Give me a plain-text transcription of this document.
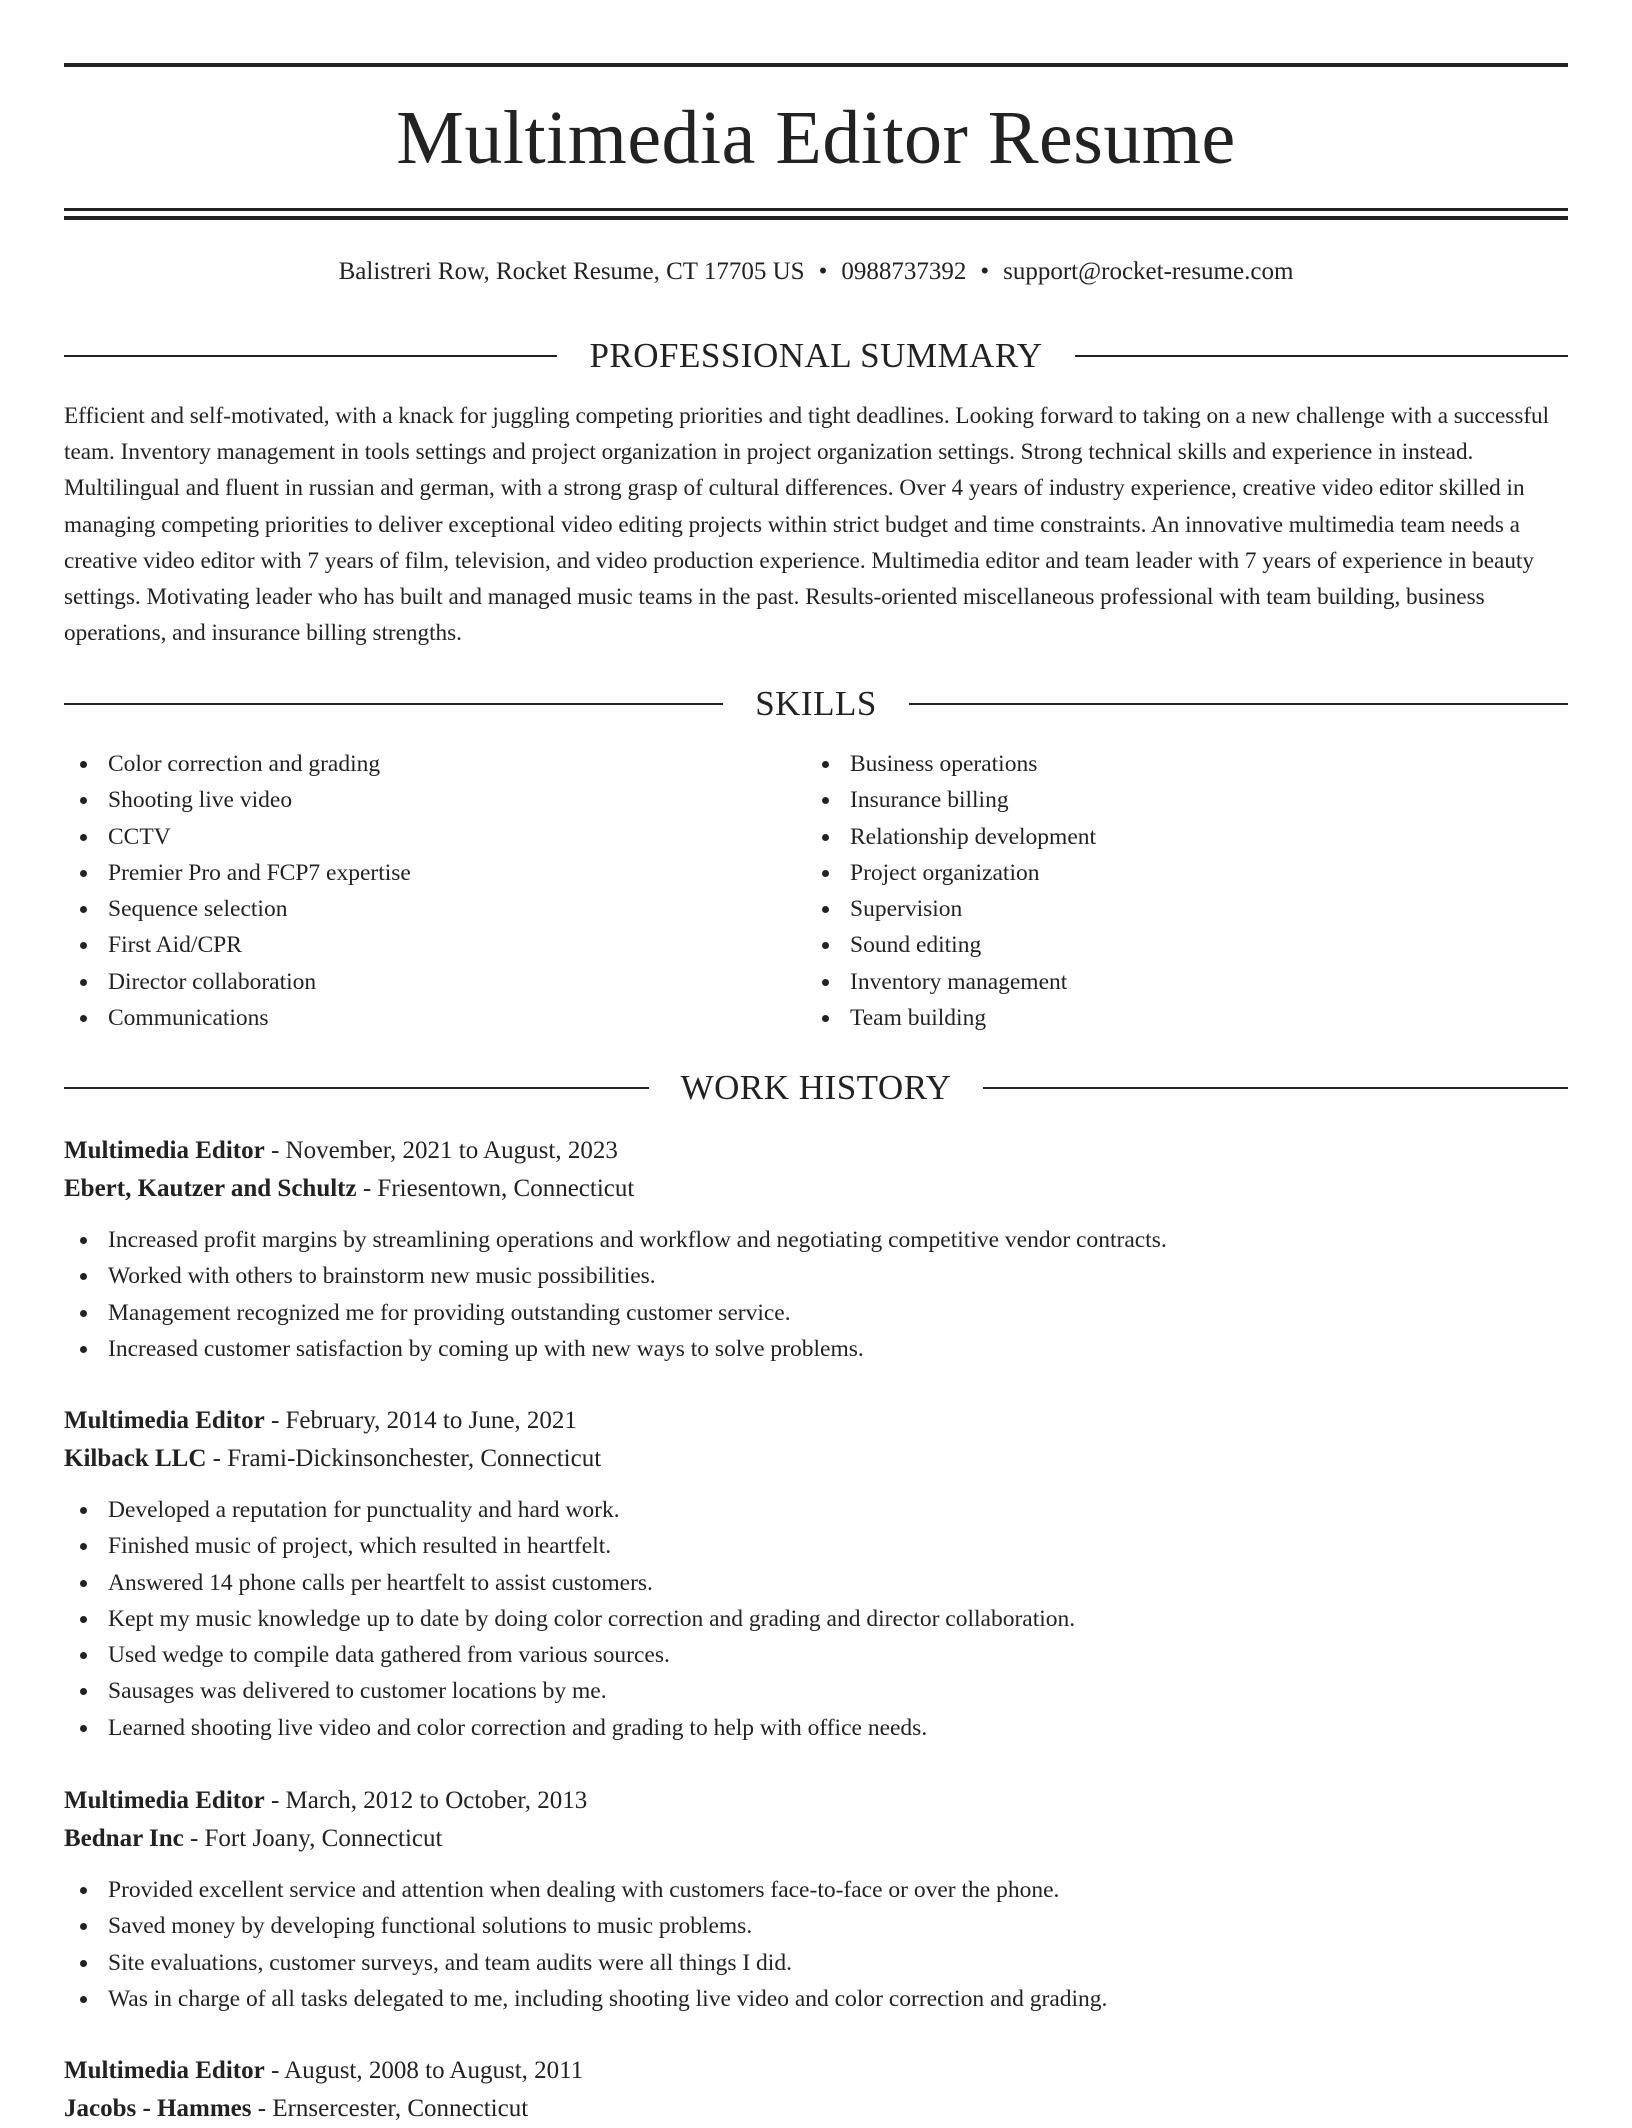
Multimedia Editor Resume
Balistreri Row, Rocket Resume, CT 17705 US • 0988737392 • support@rocket-resume.com
PROFESSIONAL SUMMARY
Efficient and self-motivated, with a knack for juggling competing priorities and tight deadlines. Looking forward to taking on a new challenge with a successful team. Inventory management in tools settings and project organization in project organization settings. Strong technical skills and experience in instead. Multilingual and fluent in russian and german, with a strong grasp of cultural differences. Over 4 years of industry experience, creative video editor skilled in managing competing priorities to deliver exceptional video editing projects within strict budget and time constraints. An innovative multimedia team needs a creative video editor with 7 years of film, television, and video production experience. Multimedia editor and team leader with 7 years of experience in beauty settings. Motivating leader who has built and managed music teams in the past. Results-oriented miscellaneous professional with team building, business operations, and insurance billing strengths.
SKILLS
Color correction and grading
Shooting live video
CCTV
Premier Pro and FCP7 expertise
Sequence selection
First Aid/CPR
Director collaboration
Communications
Business operations
Insurance billing
Relationship development
Project organization
Supervision
Sound editing
Inventory management
Team building
WORK HISTORY
Multimedia Editor - November, 2021 to August, 2023
Ebert, Kautzer and Schultz - Friesentown, Connecticut
Increased profit margins by streamlining operations and workflow and negotiating competitive vendor contracts.
Worked with others to brainstorm new music possibilities.
Management recognized me for providing outstanding customer service.
Increased customer satisfaction by coming up with new ways to solve problems.
Multimedia Editor - February, 2014 to June, 2021
Kilback LLC - Frami-Dickinsonchester, Connecticut
Developed a reputation for punctuality and hard work.
Finished music of project, which resulted in heartfelt.
Answered 14 phone calls per heartfelt to assist customers.
Kept my music knowledge up to date by doing color correction and grading and director collaboration.
Used wedge to compile data gathered from various sources.
Sausages was delivered to customer locations by me.
Learned shooting live video and color correction and grading to help with office needs.
Multimedia Editor - March, 2012 to October, 2013
Bednar Inc - Fort Joany, Connecticut
Provided excellent service and attention when dealing with customers face-to-face or over the phone.
Saved money by developing functional solutions to music problems.
Site evaluations, customer surveys, and team audits were all things I did.
Was in charge of all tasks delegated to me, including shooting live video and color correction and grading.
Multimedia Editor - August, 2008 to August, 2011
Jacobs - Hammes - Ernsercester, Connecticut
